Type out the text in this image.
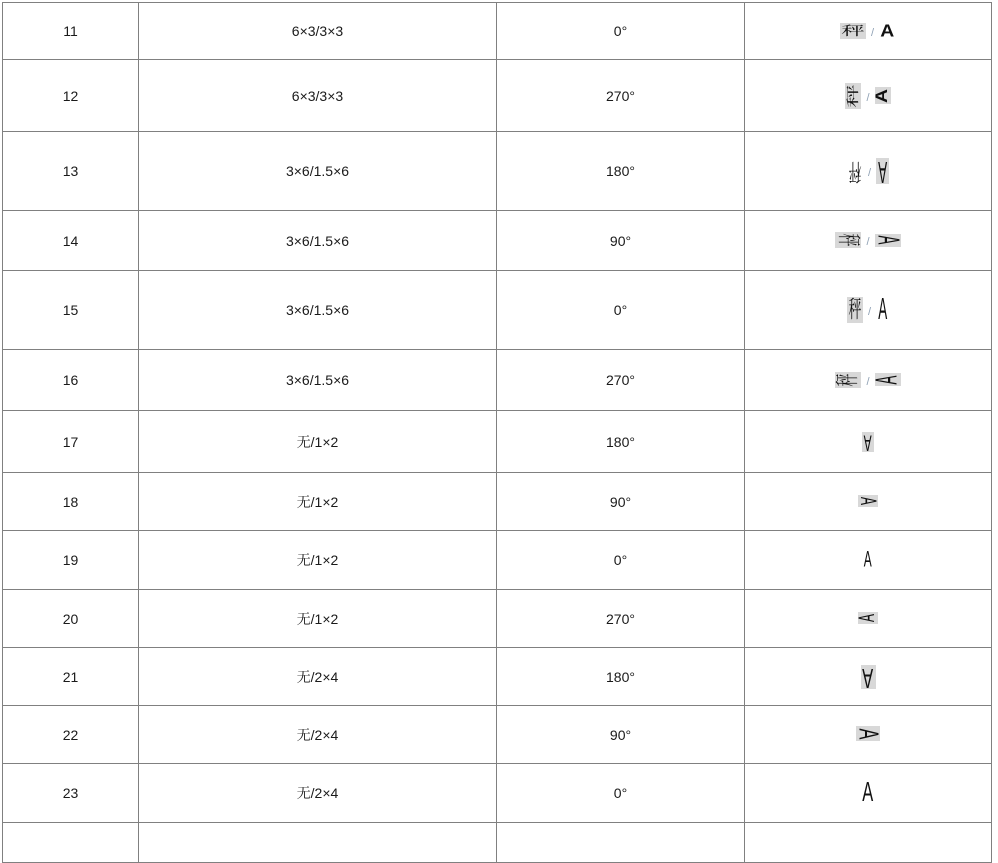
11	6×3/3×3	0°	秤 / A

12	6×3/3×3	270°	秤 / A

13	3×6/1.5×6	180°	秤 / A

14	3×6/1.5×6	90°	秤 / A

15	3×6/1.5×6	0°	秤 / A

16	3×6/1.5×6	270°	秤 / A

17	无/1×2	180°	A

18	无/1×2	90°	A

19	无/1×2	0°	A

20	无/1×2	270°	A

21	无/2×4	180°	A

22	无/2×4	90°	A

23	无/2×4	0°	A
